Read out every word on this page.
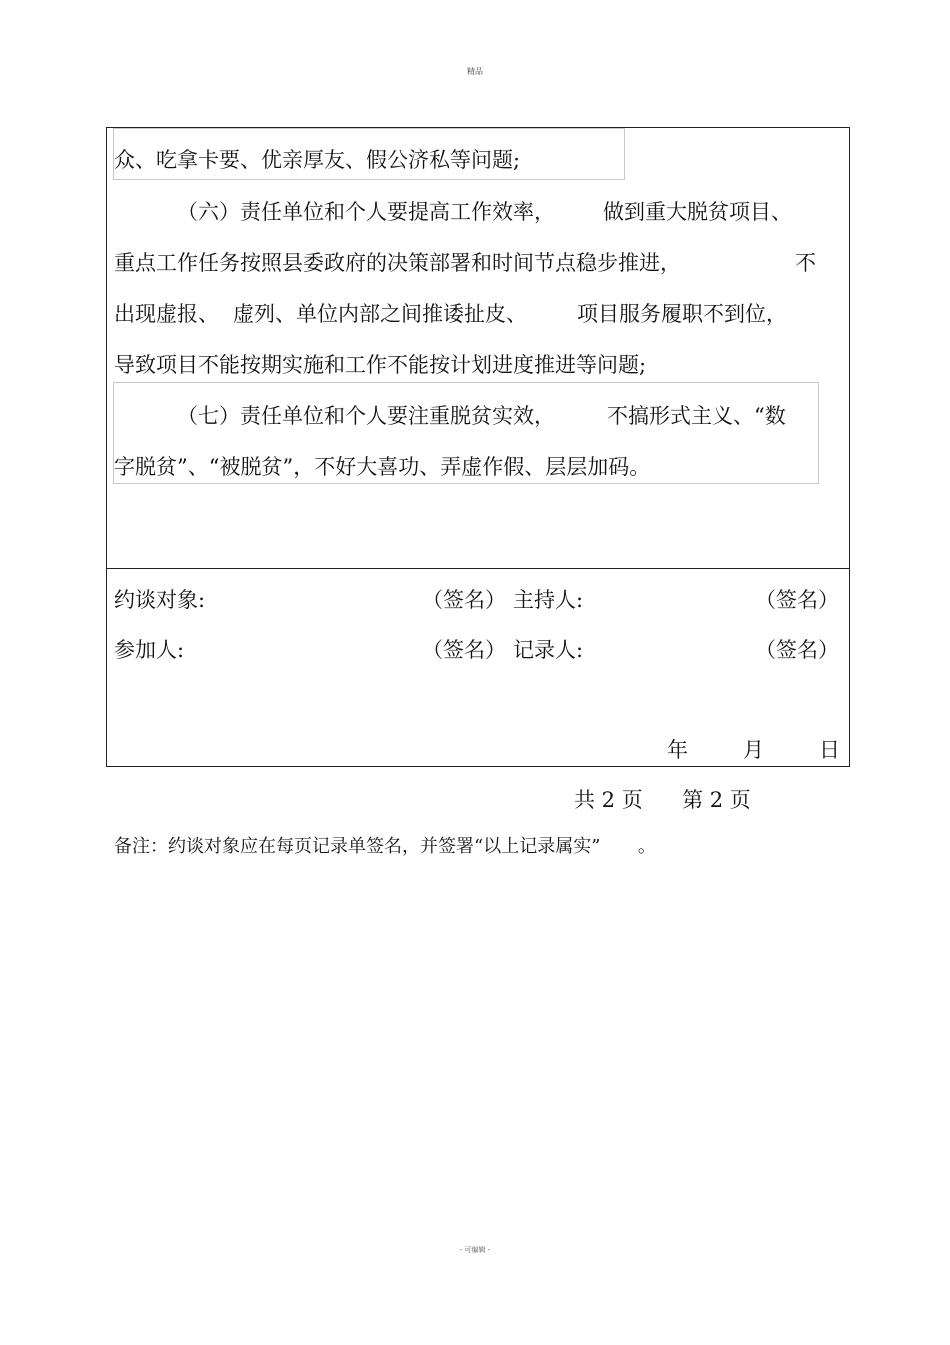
精品
众、吃拿卡要、优亲厚友、假公济私等问题;
（六）责任单位和个人要提高工作效率， 做到重大脱贫项目、
重点工作任务按照县委政府的决策部署和时间节点稳步推进，	不
出现虚报、 虚列、单位内部之间推诿扯皮、 项目服务履职不到位，
导致项目不能按期实施和工作不能按计划进度推进等问题;
（七）责任单位和个人要注重脱贫实效， 不搞形式主义、“数
字脱贫”、“被脱贫”，不好大喜功、弄虚作假、层层加码。
约谈对象:	（签名） 主持人:	（签名）
参加人:	（签名） 记录人:	（签名）
年	月	日
共 2 页 第 2 页
备注：约谈对象应在每页记录单签名，并签署“以上记录属实” 。
- 可编辑 -
